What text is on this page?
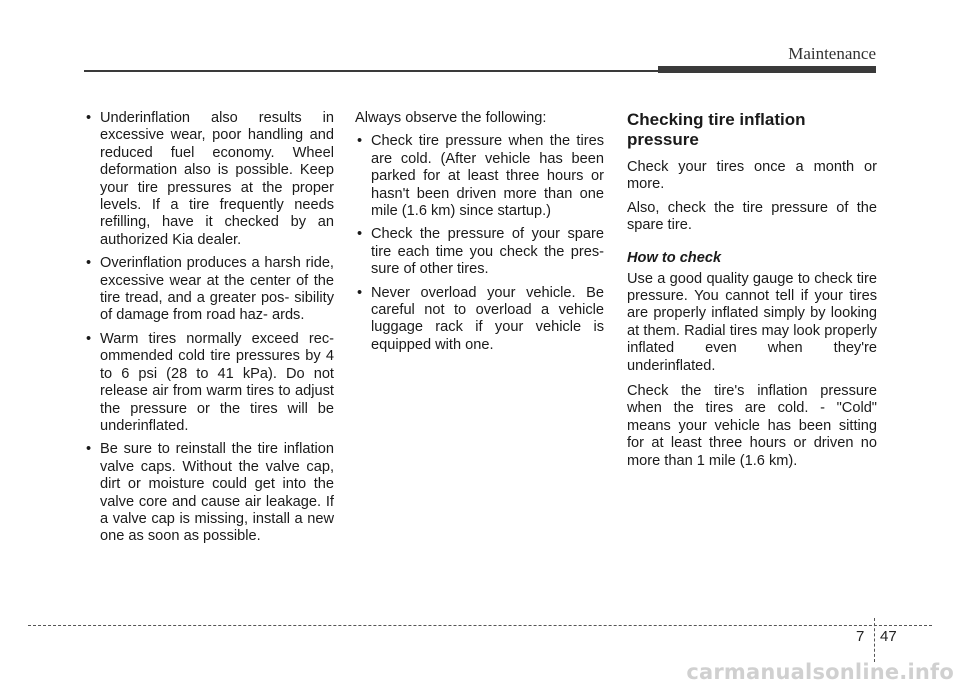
Maintenance
• Underinflation also results in excessive wear, poor handling and reduced fuel economy. Wheel deformation also is possible. Keep your tire pressures at the proper levels. If a tire frequently needs refilling, have it checked by an authorized Kia dealer.
• Overinflation produces a harsh ride, excessive wear at the center of the tire tread, and a greater pos- sibility of damage from road haz- ards.
• Warm tires normally exceed rec- ommended cold tire pressures by 4 to 6 psi (28 to 41 kPa). Do not release air from warm tires to adjust the pressure or the tires will be underinflated.
• Be sure to reinstall the tire inflation valve caps. Without the valve cap, dirt or moisture could get into the valve core and cause air leakage. If a valve cap is missing, install a new one as soon as possible.

Always observe the following:

• Check tire pressure when the tires are cold. (After vehicle has been parked for at least three hours or hasn't been driven more than one mile (1.6 km) since startup.)
• Check the pressure of your spare tire each time you check the pres- sure of other tires.
• Never overload your vehicle. Be careful not to overload a vehicle luggage rack if your vehicle is equipped with one.
Checking tire inflation pressure

Check your tires once a month or more.

Also, check the tire pressure of the spare tire.

How to check

Use a good quality gauge to check tire pressure. You cannot tell if your tires are properly inflated simply by looking at them. Radial tires may look properly inflated even when they're underinflated.

Check the tire's inflation pressure when the tires are cold. - "Cold" means your vehicle has been sitting for at least three hours or driven no more than 1 mile (1.6 km).

7 47
carmanualsonline.info
